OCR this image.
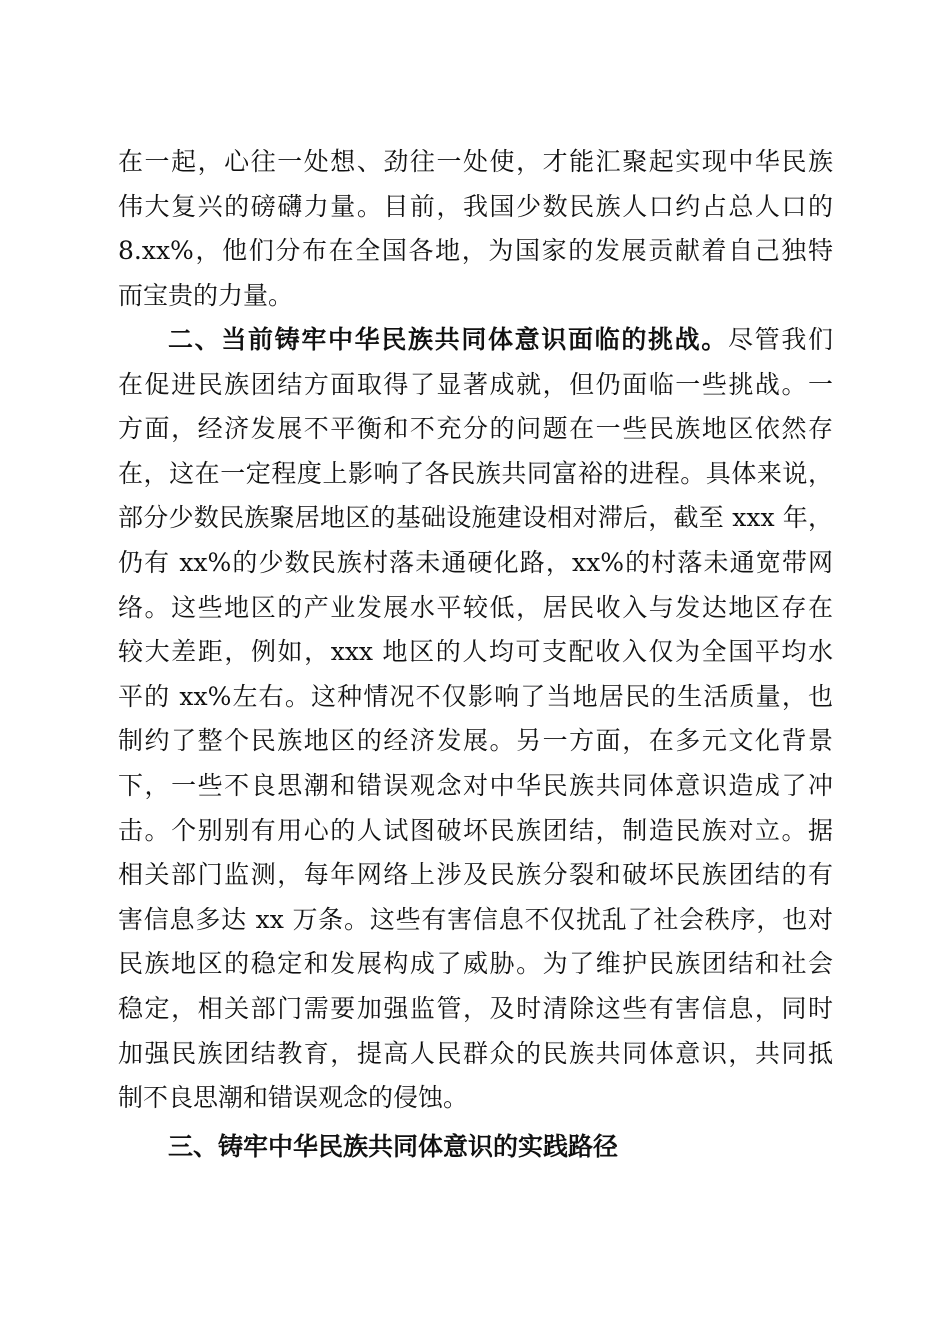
在一起，心往一处想、劲往一处使，才能汇聚起实现中华民族
伟大复兴的磅礴力量。目前，我国少数民族人口约占总人口的
8.xx%，他们分布在全国各地，为国家的发展贡献着自己独特
而宝贵的力量。
二、当前铸牢中华民族共同体意识面临的挑战。尽管我们
在促进民族团结方面取得了显著成就，但仍面临一些挑战。一
方面，经济发展不平衡和不充分的问题在一些民族地区依然存
在，这在一定程度上影响了各民族共同富裕的进程。具体来说，
部分少数民族聚居地区的基础设施建设相对滞后，截至 xxx 年，
仍有 xx%的少数民族村落未通硬化路，xx%的村落未通宽带网
络。这些地区的产业发展水平较低，居民收入与发达地区存在
较大差距，例如，xxx 地区的人均可支配收入仅为全国平均水
平的 xx%左右。这种情况不仅影响了当地居民的生活质量，也
制约了整个民族地区的经济发展。另一方面，在多元文化背景
下，一些不良思潮和错误观念对中华民族共同体意识造成了冲
击。个别别有用心的人试图破坏民族团结，制造民族对立。据
相关部门监测，每年网络上涉及民族分裂和破坏民族团结的有
害信息多达 xx 万条。这些有害信息不仅扰乱了社会秩序，也对
民族地区的稳定和发展构成了威胁。为了维护民族团结和社会
稳定，相关部门需要加强监管，及时清除这些有害信息，同时
加强民族团结教育，提高人民群众的民族共同体意识，共同抵
制不良思潮和错误观念的侵蚀。
三、铸牢中华民族共同体意识的实践路径
